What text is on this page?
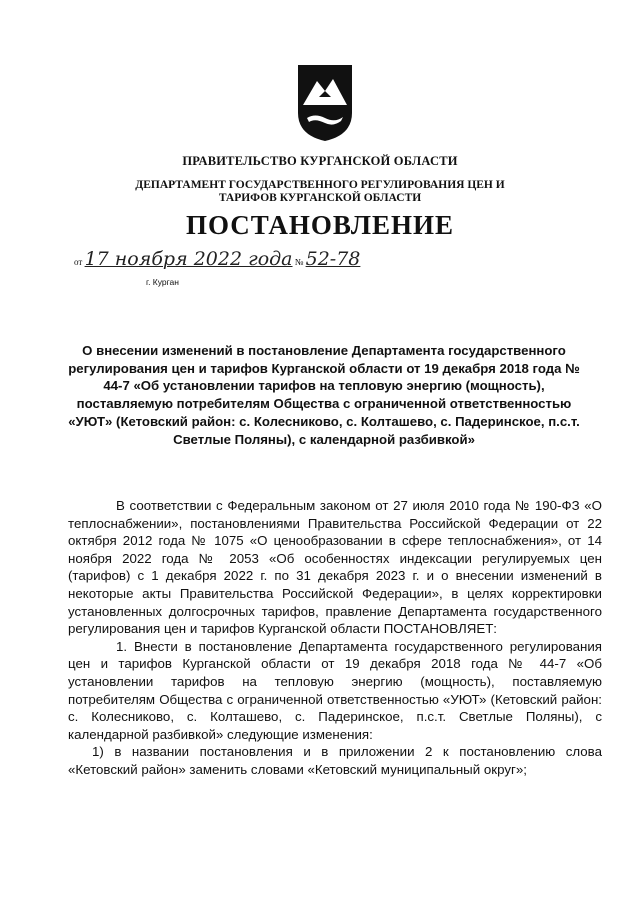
ПРАВИТЕЛЬСТВО КУРГАНСКОЙ ОБЛАСТИ
ДЕПАРТАМЕНТ ГОСУДАРСТВЕННОГО РЕГУЛИРОВАНИЯ ЦЕН И ТАРИФОВ КУРГАНСКОЙ ОБЛАСТИ
ПОСТАНОВЛЕНИЕ
от 17 ноября 2022 года № 52-78
г. Курган
О внесении изменений в постановление Департамента государственного регулирования цен и тарифов Курганской области от 19 декабря 2018 года № 44-7 «Об установлении тарифов на тепловую энергию (мощность), поставляемую потребителям Общества с ограниченной ответственностью «УЮТ» (Кетовский район: с. Колесниково, с. Колташево, с. Падеринское, п.с.т. Светлые Поляны), с календарной разбивкой»

В соответствии с Федеральным законом от 27 июля 2010 года № 190-ФЗ «О теплоснабжении», постановлениями Правительства Российской Федерации от 22 октября 2012 года № 1075 «О ценообразовании в сфере теплоснабжения», от 14 ноября 2022 года № 2053 «Об особенностях индексации регулируемых цен (тарифов) с 1 декабря 2022 г. по 31 декабря 2023 г. и о внесении изменений в некоторые акты Правительства Российской Федерации», в целях корректировки установленных долгосрочных тарифов, правление Департамента государственного регулирования цен и тарифов Курганской области ПОСТАНОВЛЯЕТ:

1. Внести в постановление Департамента государственного регулирования цен и тарифов Курганской области от 19 декабря 2018 года № 44-7 «Об установлении тарифов на тепловую энергию (мощность), поставляемую потребителям Общества с ограниченной ответственностью «УЮТ» (Кетовский район: с. Колесниково, с. Колташево, с. Падеринское, п.с.т. Светлые Поляны), с календарной разбивкой» следующие изменения:

1) в названии постановления и в приложении 2 к постановлению слова «Кетовский район» заменить словами «Кетовский муниципальный округ»;
